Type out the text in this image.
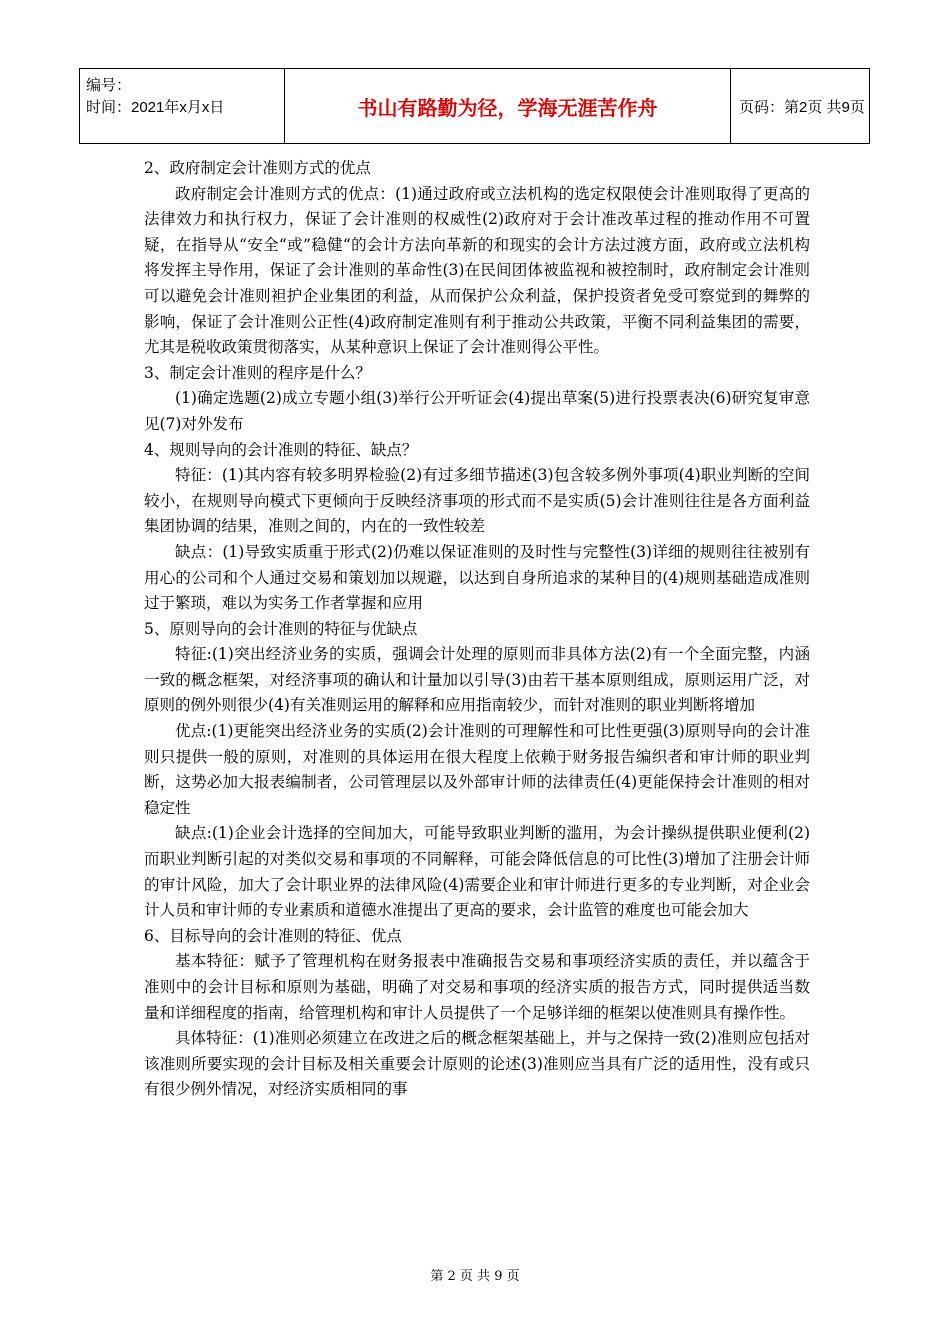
编号：
时间：2021年x月x日	书山有路勤为径，学海无涯苦作舟	页码：第2页 共9页

2、政府制定会计准则方式的优点

政府制定会计准则方式的优点：(1)通过政府或立法机构的选定权限使会计准则取得了更高的法律效力和执行权力，保证了会计准则的权威性(2)政府对于会计准改革过程的推动作用不可置疑，在指导从“安全“或”稳健“的会计方法向革新的和现实的会计方法过渡方面，政府或立法机构将发挥主导作用，保证了会计准则的革命性(3)在民间团体被监视和被控制时，政府制定会计准则可以避免会计准则袒护企业集团的利益，从而保护公众利益，保护投资者免受可察觉到的舞弊的影响，保证了会计准则公正性(4)政府制定准则有利于推动公共政策，平衡不同利益集团的需要，尤其是税收政策贯彻落实，从某种意识上保证了会计准则得公平性。

3、制定会计准则的程序是什么？

(1)确定选题(2)成立专题小组(3)举行公开听证会(4)提出草案(5)进行投票表决(6)研究复审意见(7)对外发布

4、规则导向的会计准则的特征、缺点？

特征：(1)其内容有较多明界检验(2)有过多细节描述(3)包含较多例外事项(4)职业判断的空间较小，在规则导向模式下更倾向于反映经济事项的形式而不是实质(5)会计准则往往是各方面利益集团协调的结果，准则之间的，内在的一致性较差

缺点：(1)导致实质重于形式(2)仍难以保证准则的及时性与完整性(3)详细的规则往往被别有用心的公司和个人通过交易和策划加以规避，以达到自身所追求的某种目的(4)规则基础造成准则过于繁琐，难以为实务工作者掌握和应用

5、原则导向的会计准则的特征与优缺点

特征:(1)突出经济业务的实质，强调会计处理的原则而非具体方法(2)有一个全面完整，内涵一致的概念框架，对经济事项的确认和计量加以引导(3)由若干基本原则组成，原则运用广泛，对原则的例外则很少(4)有关准则运用的解释和应用指南较少，而针对准则的职业判断将增加

优点:(1)更能突出经济业务的实质(2)会计准则的可理解性和可比性更强(3)原则导向的会计准则只提供一般的原则，对准则的具体运用在很大程度上依赖于财务报告编织者和审计师的职业判断，这势必加大报表编制者，公司管理层以及外部审计师的法律责任(4)更能保持会计准则的相对稳定性

缺点:(1)企业会计选择的空间加大，可能导致职业判断的滥用，为会计操纵提供职业便利(2)而职业判断引起的对类似交易和事项的不同解释，可能会降低信息的可比性(3)增加了注册会计师的审计风险，加大了会计职业界的法律风险(4)需要企业和审计师进行更多的专业判断，对企业会计人员和审计师的专业素质和道德水准提出了更高的要求，会计监管的难度也可能会加大

6、目标导向的会计准则的特征、优点

基本特征：赋予了管理机构在财务报表中准确报告交易和事项经济实质的责任，并以蕴含于准则中的会计目标和原则为基础，明确了对交易和事项的经济实质的报告方式，同时提供适当数量和详细程度的指南，给管理机构和审计人员提供了一个足够详细的框架以使准则具有操作性。

具体特征：(1)准则必须建立在改进之后的概念框架基础上，并与之保持一致(2)准则应包括对该准则所要实现的会计目标及相关重要会计原则的论述(3)准则应当具有广泛的适用性，没有或只有很少例外情况，对经济实质相同的事

第 2 页 共 9 页
